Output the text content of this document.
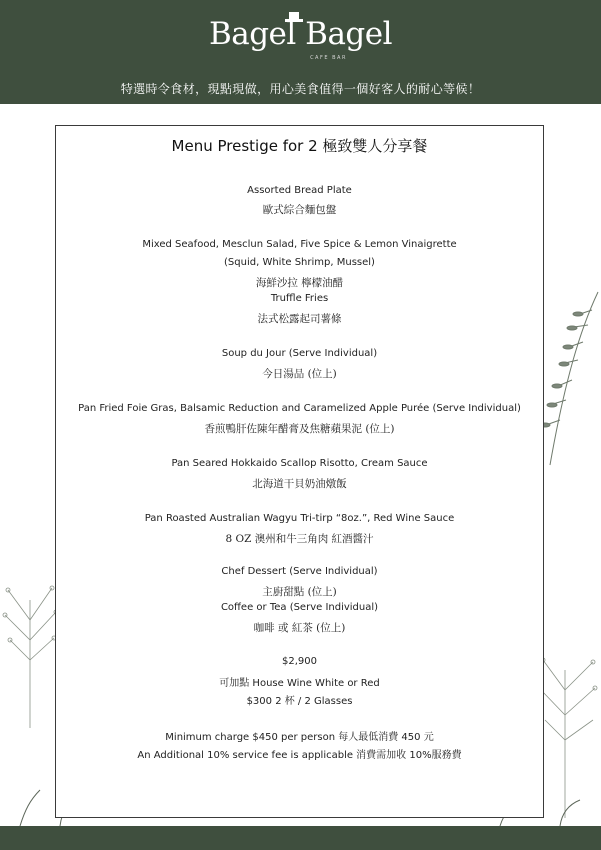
Bagel Bagel
CAFE BAR
特選時令食材，現點現做，用心美食值得一個好客人的耐心等候！
Menu Prestige for 2 極致雙人分享餐
Assorted Bread Plate
歐式綜合麵包盤
Mixed Seafood, Mesclun Salad, Five Spice & Lemon Vinaigrette
(Squid, White Shrimp, Mussel)
海鮮沙拉 檸檬油醋
Truffle Fries
法式松露起司薯條
Soup du Jour (Serve Individual)
今日湯品 (位上)
Pan Fried Foie Gras, Balsamic Reduction and Caramelized Apple Purée (Serve Individual)
香煎鴨肝佐陳年醋膏及焦糖蘋果泥 (位上)
Pan Seared Hokkaido Scallop Risotto, Cream Sauce
北海道干貝奶油燉飯
Pan Roasted Australian Wagyu Tri-tirp “8oz.”, Red Wine Sauce
8 OZ 澳州和牛三角肉 紅酒醬汁
Chef Dessert (Serve Individual)
主廚甜點 (位上)
Coffee or Tea (Serve Individual)
咖啡 或 紅茶 (位上)
$2,900
可加點 House Wine White or Red
$300 2 杯 / 2 Glasses
Minimum charge $450 per person 每人最低消費 450 元
An Additional 10% service fee is applicable 消費需加收 10%服務費
